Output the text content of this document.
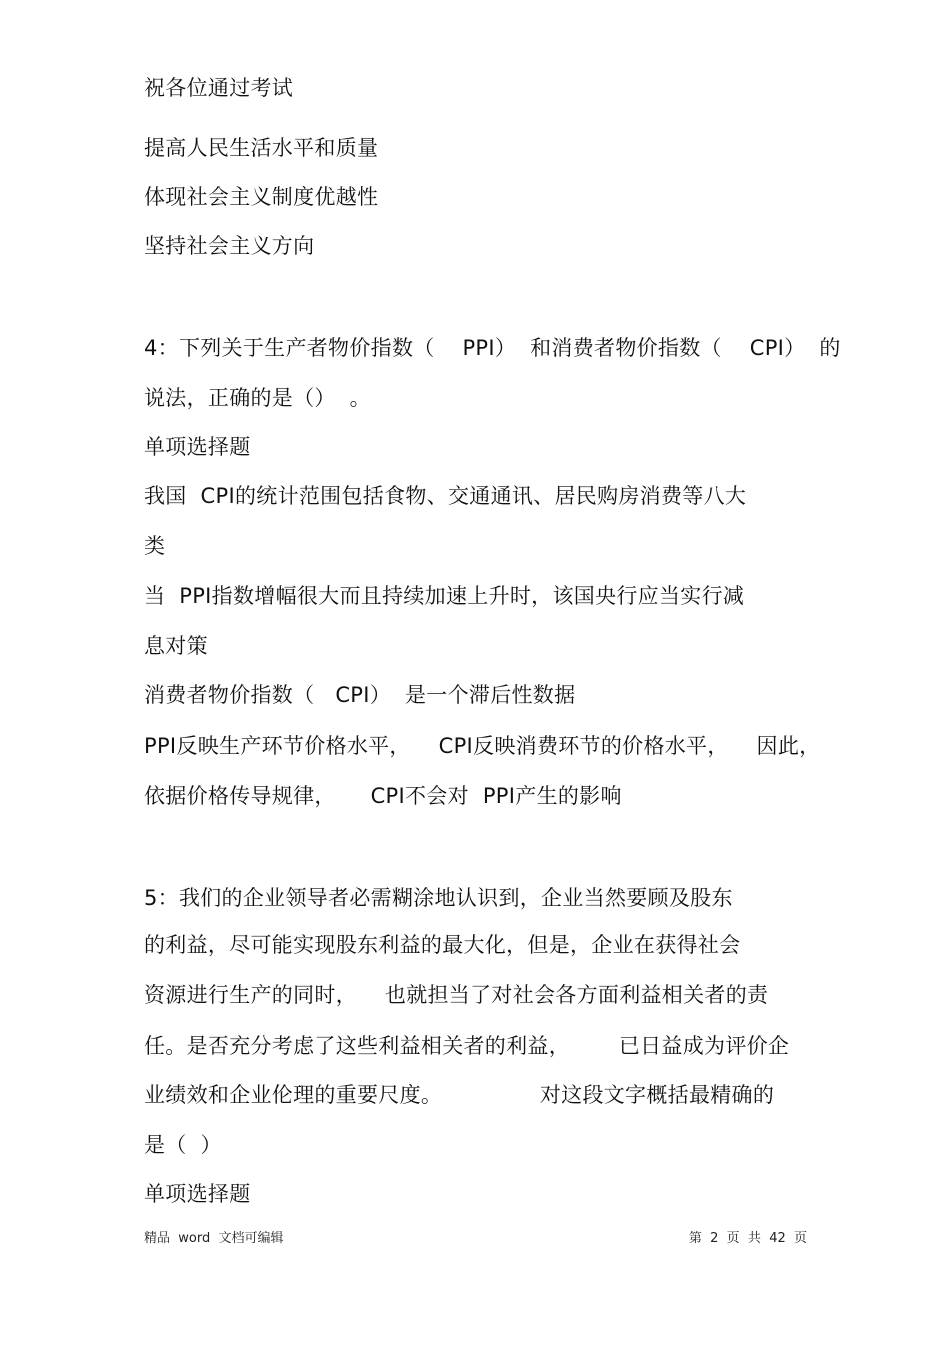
祝各位通过考试
提高人民生活水平和质量
体现社会主义制度优越性
坚持社会主义方向
4：下列关于生产者物价指数（    PPI）  和消费者物价指数（    CPI）  的
说法，正确的是（）  。
单项选择题
我国  CPI的统计范围包括食物、交通通讯、居民购房消费等八大
类
当  PPI指数增幅很大而且持续加速上升时，该国央行应当实行减
息对策
消费者物价指数（   CPI）  是一个滞后性数据
PPI反映生产环节价格水平，    CPI反映消费环节的价格水平，    因此，
依据价格传导规律，     CPI不会对  PPI产生的影响
5：我们的企业领导者必需糊涂地认识到，企业当然要顾及股东
的利益，尽可能实现股东利益的最大化，但是，企业在获得社会
资源进行生产的同时，    也就担当了对社会各方面利益相关者的责
任。是否充分考虑了这些利益相关者的利益，       已日益成为评价企
业绩效和企业伦理的重要尺度。              对这段文字概括最精确的
是（  ）
单项选择题
精品  word  文档可编辑	第  2  页  共  42  页
